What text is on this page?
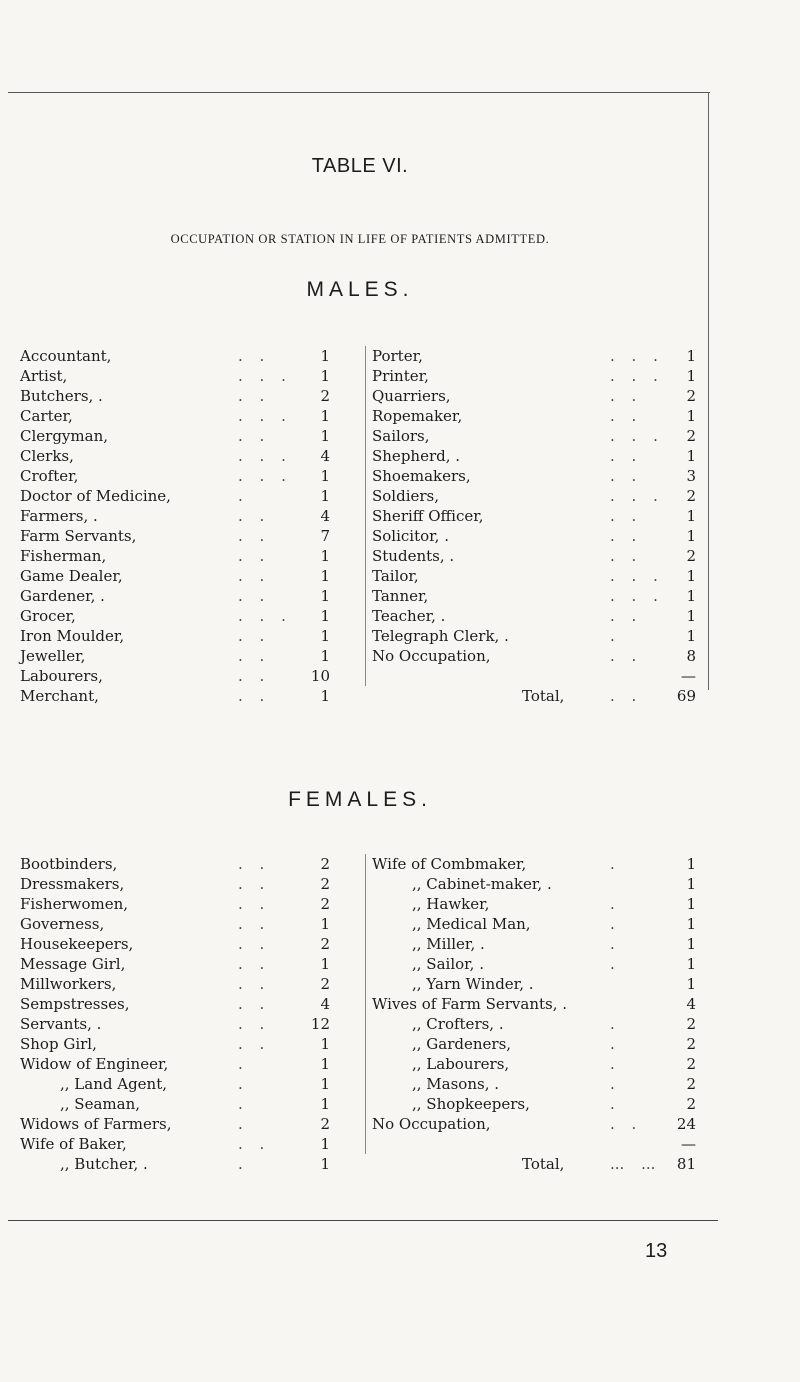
TABLE VI.
OCCUPATION OR STATION IN LIFE OF PATIENTS ADMITTED.
MALES.
Accountant,	. .	1
Artist,	. . .	1
Butchers, .	. .	2
Carter,	. . .	1
Clergyman,	. .	1
Clerks,	. . .	4
Crofter,	. . .	1
Doctor of Medicine,	.	1
Farmers, .	. .	4
Farm Servants,	. .	7
Fisherman,	. .	1
Game Dealer,	. .	1
Gardener, .	. .	1
Grocer,	. . .	1
Iron Moulder,	. .	1
Jeweller,	. .	1
Labourers,	. .	10
Merchant,	. .	1
Porter,	. . .	1
Printer,	. . .	1
Quarriers,	. .	2
Ropemaker,	. .	1
Sailors,	. . .	2
Shepherd, .	. .	1
Shoemakers,	. .	3
Soldiers,	. . .	2
Sheriff Officer,	. .	1
Solicitor, .	. .	1
Students, .	. .	2
Tailor,	. . .	1
Tanner,	. . .	1
Teacher, .	. .	1
Telegraph Clerk, .	.	1
No Occupation,	. .	8
—
Total,	. .	69
FEMALES.
Bootbinders,	. .	2
Dressmakers,	. .	2
Fisherwomen,	. .	2
Governess,	. .	1
Housekeepers,	. .	2
Message Girl,	. .	1
Millworkers,	. .	2
Sempstresses,	. .	4
Servants, .	. .	12
Shop Girl,	. .	1
Widow of Engineer,	.	1
,, Land Agent,	.	1
,, Seaman,	.	1
Widows of Farmers,	.	2
Wife of Baker,	. .	1
,, Butcher, .	.	1
Wife of Combmaker,	.	1
,, Cabinet-maker, .	1
,, Hawker,	.	1
,, Medical Man,	.	1
,, Miller, .	.	1
,, Sailor, .	.	1
,, Yarn Winder, .	1
Wives of Farm Servants, .	4
,, Crofters, .	.	2
,, Gardeners,	.	2
,, Labourers,	.	2
,, Masons, .	.	2
,, Shopkeepers,	.	2
No Occupation,	. .	24
—
Total,	... ...	81
13
